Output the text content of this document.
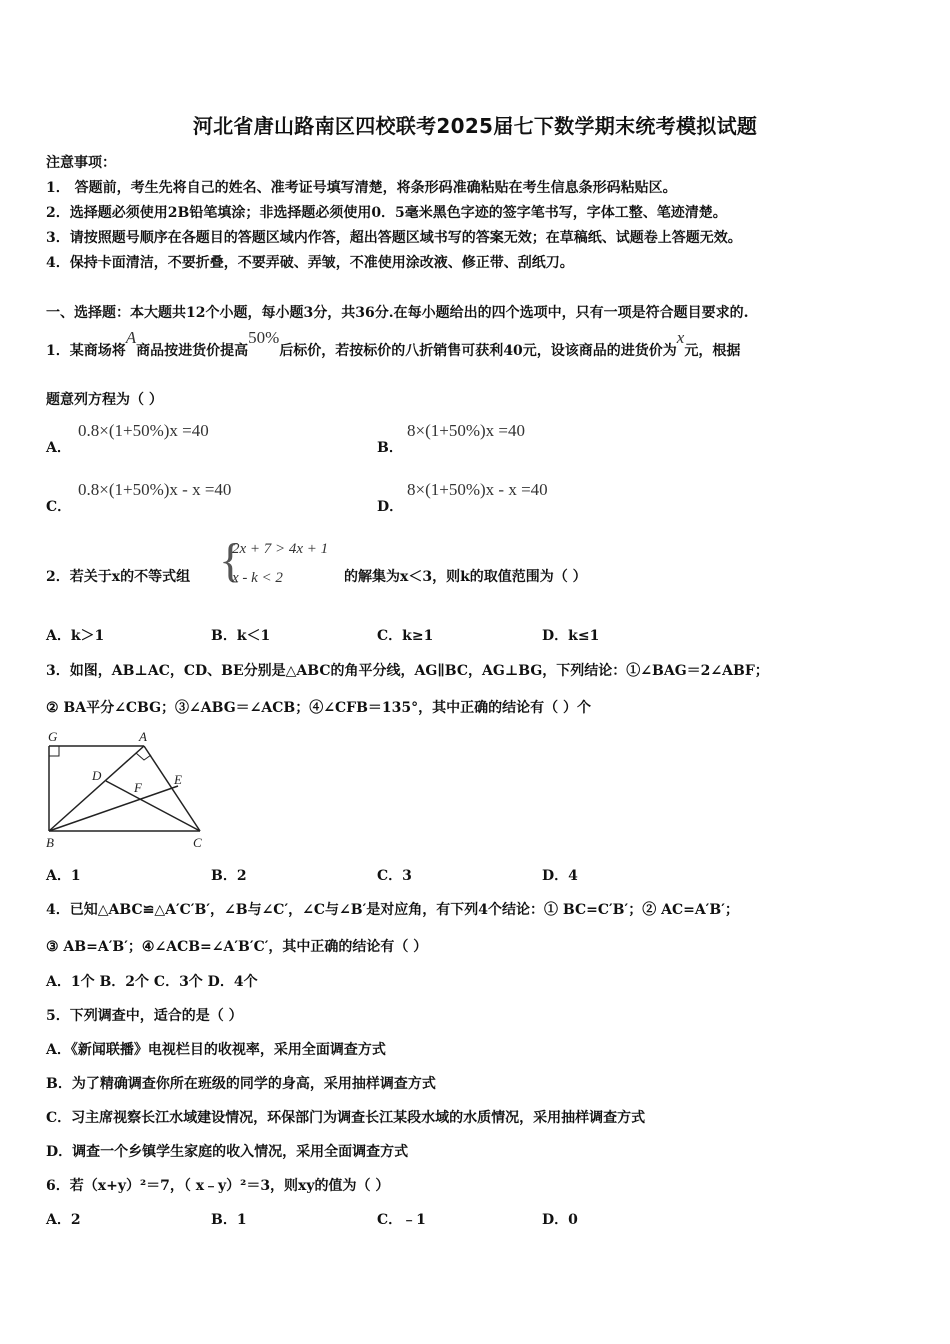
河北省唐山路南区四校联考2025届七下数学期末统考模拟试题
注意事项：
1． 答题前，考生先将自己的姓名、准考证号填写清楚，将条形码准确粘贴在考生信息条形码粘贴区。
2．选择题必须使用2B铅笔填涂；非选择题必须使用0．5毫米黑色字迹的签字笔书写，字体工整、笔迹清楚。
3．请按照题号顺序在各题目的答题区域内作答，超出答题区域书写的答案无效；在草稿纸、试题卷上答题无效。
4．保持卡面清洁，不要折叠，不要弄破、弄皱，不准使用涂改液、修正带、刮纸刀。
一、选择题：本大题共12个小题，每小题3分，共36分.在每小题给出的四个选项中，只有一项是符合题目要求的.
1．某商场将A商品按进货价提高50%后标价，若按标价的八折销售可获利40元，设该商品的进货价为x元，根据
题意列方程为（ ）
A．
0.8×(1+50%)x =40
B．
8×(1+50%)x =40
C．
0.8×(1+50%)x - x =40
D．
8×(1+50%)x - x =40
2．若关于x的不等式组 {
2x + 7 > 4x + 1
x - k < 2	的解集为x＜3，则k的取值范围为（ ）
A．k＞1	B．k＜1	C．k≥1	D．k≤1
3．如图，AB⊥AC，CD、BE分别是△ABC的角平分线，AG∥BC，AG⊥BG，下列结论：①∠BAG＝2∠ABF；
② BA平分∠CBG；③∠ABG＝∠ACB；④∠CFB＝135°，其中正确的结论有（ ）个
G	A
D	E
F
B	C
A．1	B．2	C．3	D．4
4．已知△ABC≌△A′C′B′，∠B与∠C′，∠C与∠B′是对应角，有下列4个结论：① BC=C′B′；② AC=A′B′；
③ AB=A′B′；④∠ACB=∠A′B′C′，其中正确的结论有（ ）
A．1个 B．2个 C．3个 D．4个
5．下列调查中，适合的是（ ）
A．《新闻联播》电视栏目的收视率，采用全面调查方式
B．为了精确调查你所在班级的同学的身高，采用抽样调查方式
C．习主席视察长江水域建设情况，环保部门为调查长江某段水域的水质情况，采用抽样调查方式
D．调查一个乡镇学生家庭的收入情况，采用全面调查方式
6．若（x+y）²＝7，（ x﹣y）²＝3，则xy的值为（ ）
A．2	B．1	C．﹣1	D．0
